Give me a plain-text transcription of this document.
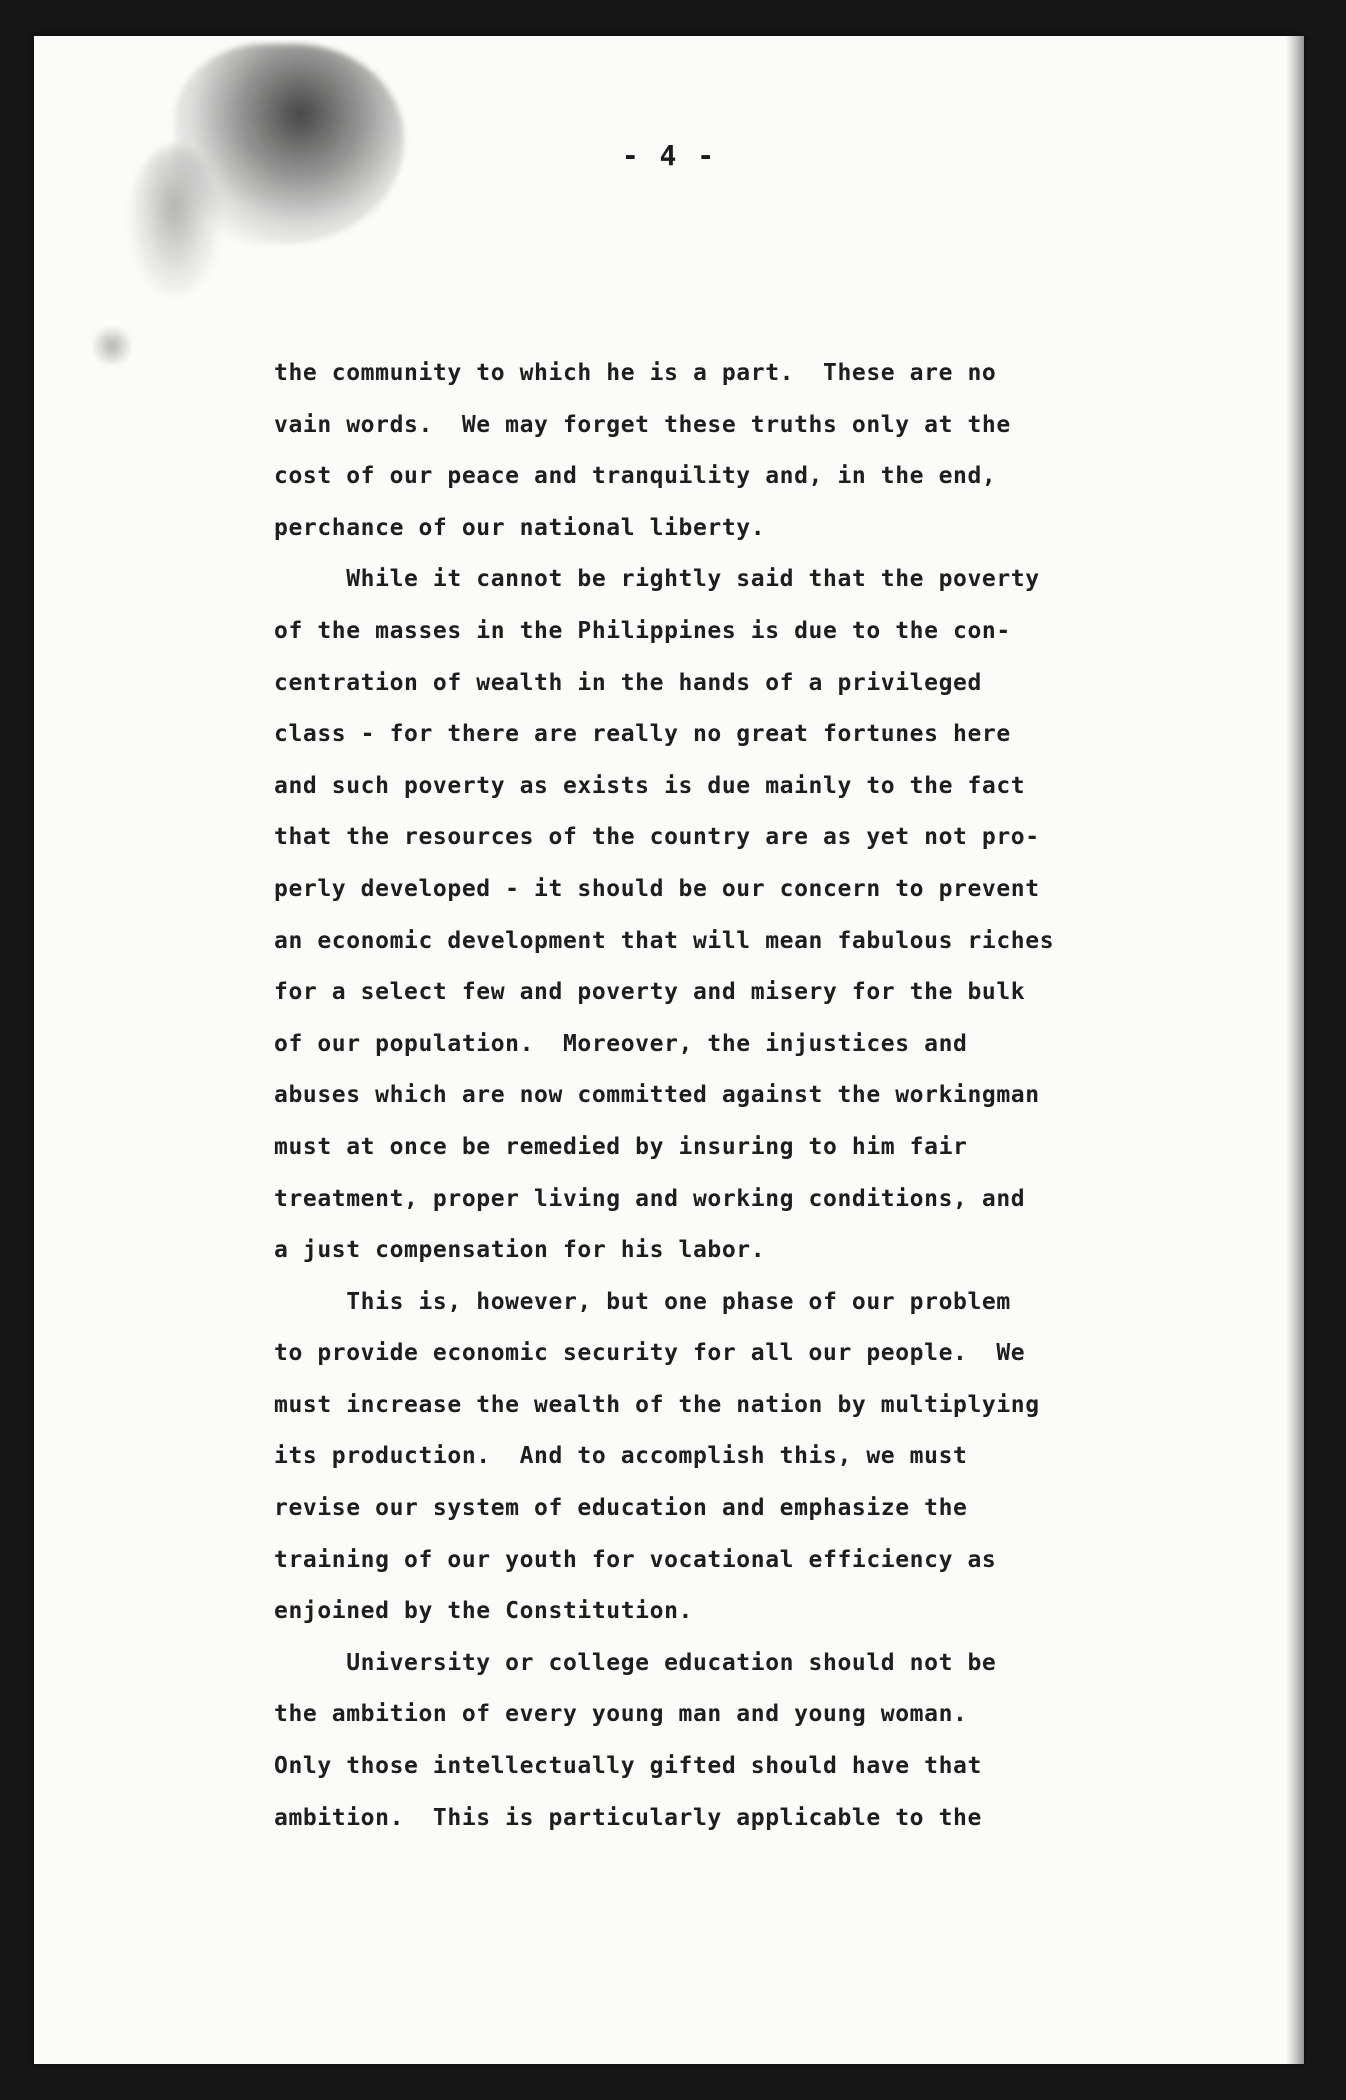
- 4 -
the community to which he is a part.  These are no
vain words.  We may forget these truths only at the
cost of our peace and tranquility and, in the end,
perchance of our national liberty.
While it cannot be rightly said that the poverty
of the masses in the Philippines is due to the con-
centration of wealth in the hands of a privileged
class - for there are really no great fortunes here
and such poverty as exists is due mainly to the fact
that the resources of the country are as yet not pro-
perly developed - it should be our concern to prevent
an economic development that will mean fabulous riches
for a select few and poverty and misery for the bulk
of our population.  Moreover, the injustices and
abuses which are now committed against the workingman
must at once be remedied by insuring to him fair
treatment, proper living and working conditions, and
a just compensation for his labor.
This is, however, but one phase of our problem
to provide economic security for all our people.  We
must increase the wealth of the nation by multiplying
its production.  And to accomplish this, we must
revise our system of education and emphasize the
training of our youth for vocational efficiency as
enjoined by the Constitution.
University or college education should not be
the ambition of every young man and young woman.
Only those intellectually gifted should have that
ambition.  This is particularly applicable to the
